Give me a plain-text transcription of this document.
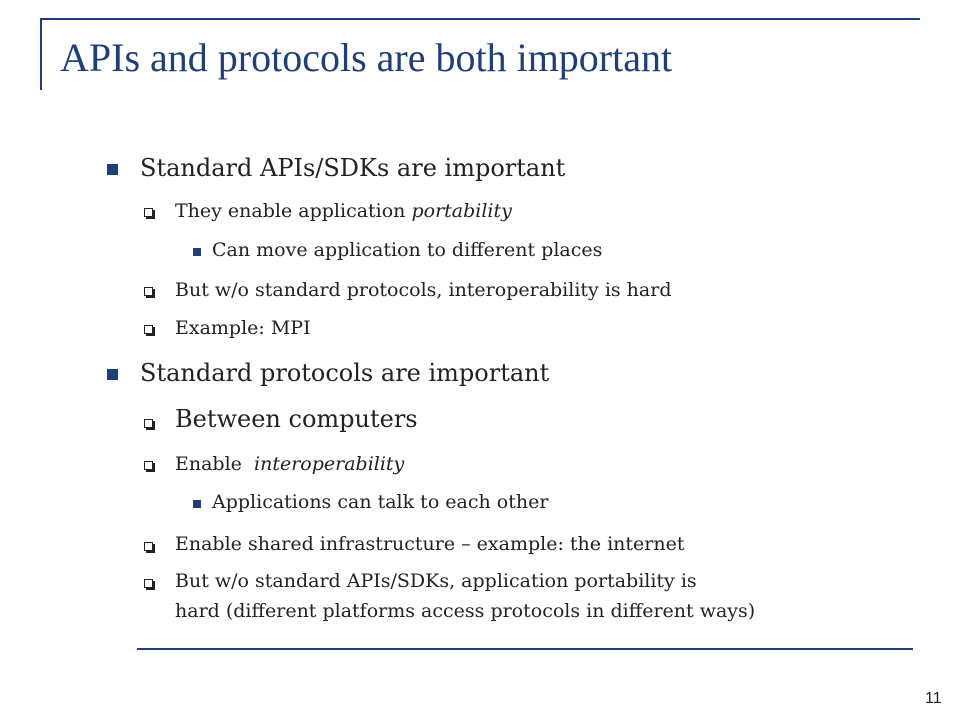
APIs and protocols are both important
Standard APIs/SDKs are important
They enable application portability
Can move application to different places
But w/o standard protocols, interoperability is hard
Example: MPI
Standard protocols are important
Between computers
Enable  interoperability
Applications can talk to each other
Enable shared infrastructure – example: the internet
But w/o standard APIs/SDKs, application portability is
hard (different platforms access protocols in different ways)
11
